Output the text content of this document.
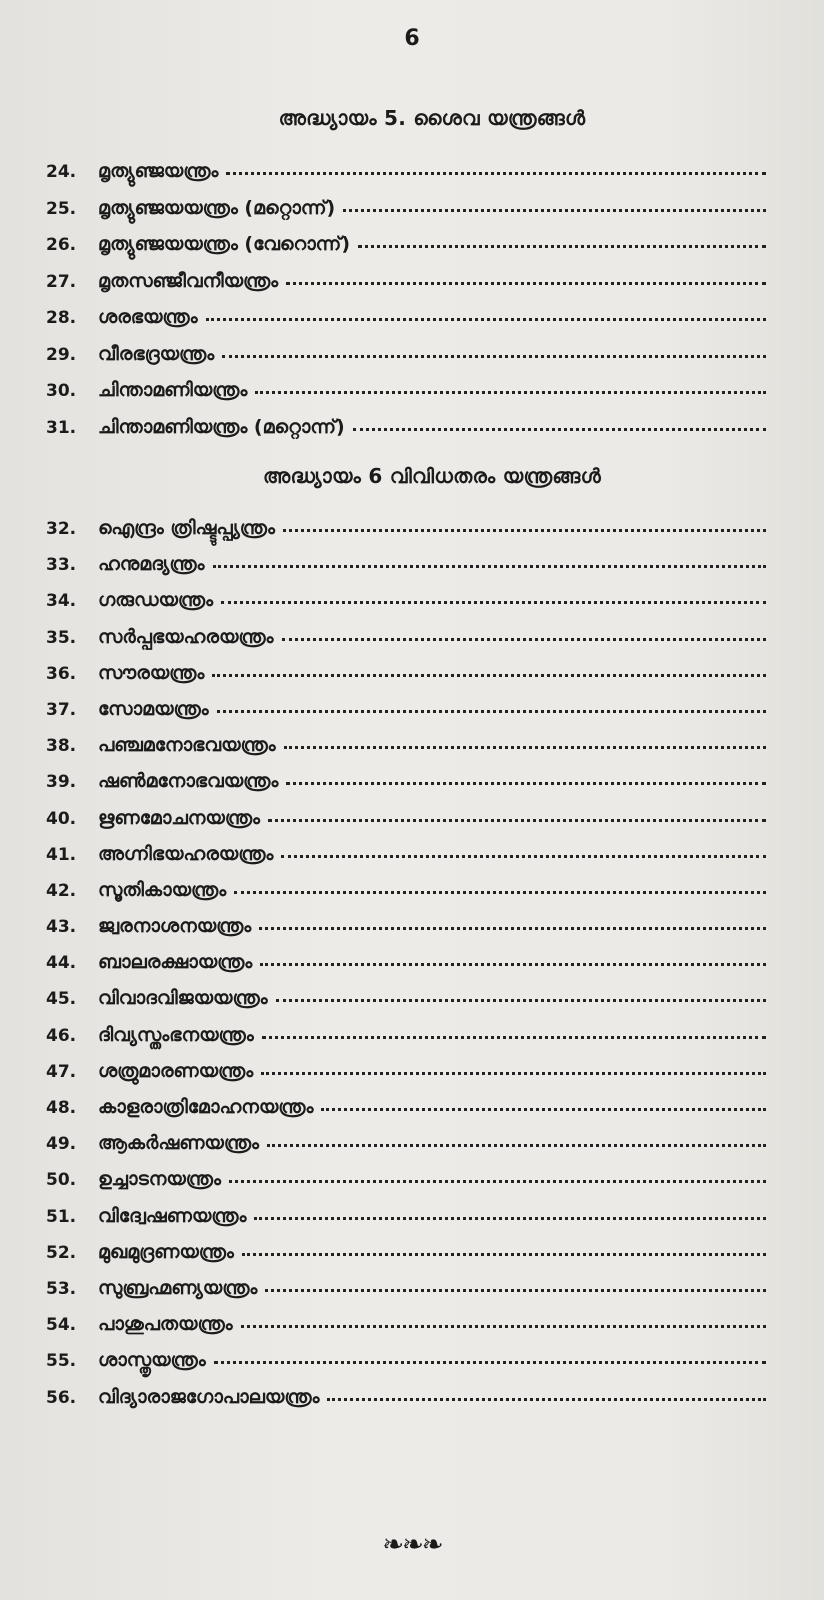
6
അദ്ധ്യായം 5. ശൈവ യന്ത്രങ്ങൾ
24.	മൃത്യുഞ്ജയന്ത്രം
25.	മൃത്യുഞ്ജയയന്ത്രം (മറ്റൊന്ന്)
26.	മൃത്യുഞ്ജയയന്ത്രം (വേറൊന്ന്)
27.	മൃതസഞ്ജീവനീയന്ത്രം
28.	ശരഭയന്ത്രം
29.	വീരഭദ്രയന്ത്രം
30.	ചിന്താമണിയന്ത്രം
31.	ചിന്താമണിയന്ത്രം (മറ്റൊന്ന്)
അദ്ധ്യായം 6 വിവിധതരം യന്ത്രങ്ങൾ
32.	ഐന്ദ്രം ത്രിഷ്ടുപ്പ്യന്ത്രം
33.	ഹനുമദ്യന്ത്രം
34.	ഗരുഡയന്ത്രം
35.	സർപ്പഭയഹരയന്ത്രം
36.	സൗരയന്ത്രം
37.	സോമയന്ത്രം
38.	പഞ്ചമനോഭവയന്ത്രം
39.	ഷൺമനോഭവയന്ത്രം
40.	ഋണമോചനയന്ത്രം
41.	അഗ്നിഭയഹരയന്ത്രം
42.	സൂതികായന്ത്രം
43.	ജ്വരനാശനയന്ത്രം
44.	ബാലരക്ഷായന്ത്രം
45.	വിവാദവിജയയന്ത്രം
46.	ദിവ്യസ്തംഭനയന്ത്രം
47.	ശത്രുമാരണയന്ത്രം
48.	കാളരാത്രിമോഹനയന്ത്രം
49.	ആകർഷണയന്ത്രം
50.	ഉച്ചാടനയന്ത്രം
51.	വിദ്വേഷണയന്ത്രം
52.	മുഖമുദ്രണയന്ത്രം
53.	സുബ്രഹ്മണ്യയന്ത്രം
54.	പാശുപതയന്ത്രം
55.	ശാസ്തൃയന്ത്രം
56.	വിദ്യാരാജഗോപാലയന്ത്രം
❧❧❧
